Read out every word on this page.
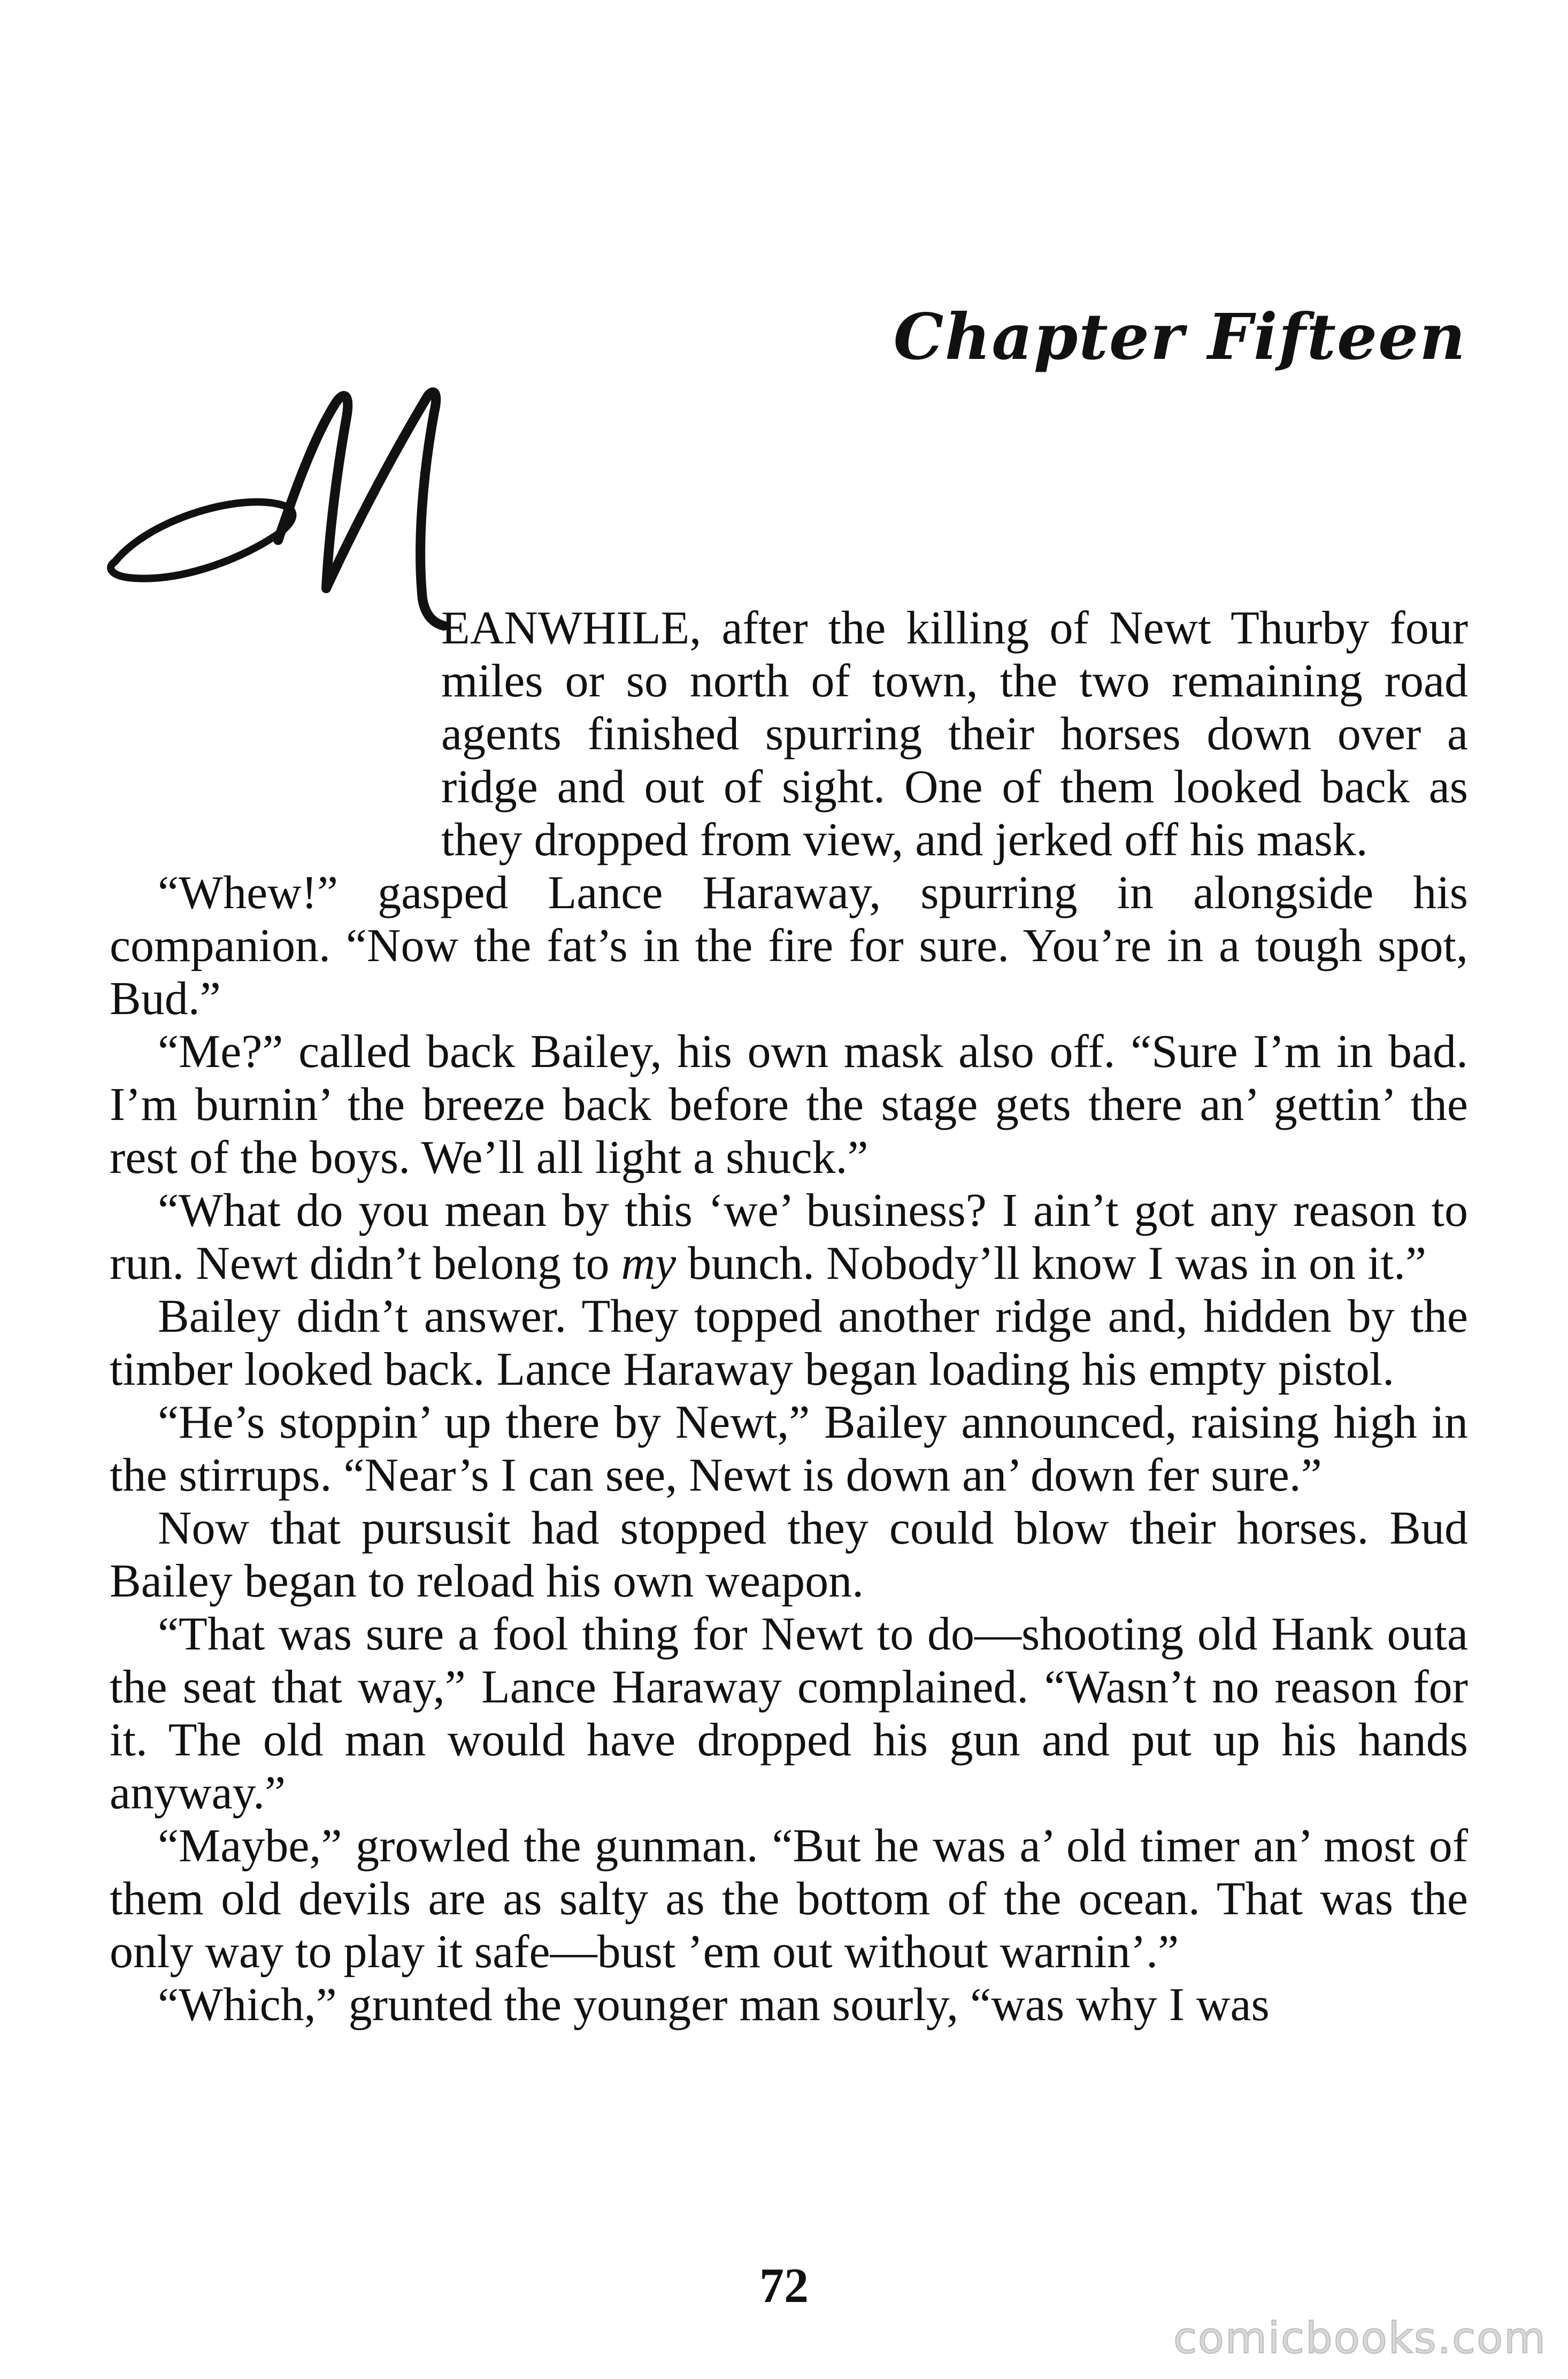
Chapter Fifteen

EANWHILE, after the killing of Newt Thurby four miles or so north of town, the two remaining road agents finished spurring their horses down over a ridge and out of sight. One of them looked back as they dropped from view, and jerked off his mask.

“Whew!” gasped Lance Haraway, spurring in alongside his companion. “Now the fat’s in the fire for sure. You’re in a tough spot, Bud.”

“Me?” called back Bailey, his own mask also off. “Sure I’m in bad. I’m burnin’ the breeze back before the stage gets there an’ gettin’ the rest of the boys. We’ll all light a shuck.”

“What do you mean by this ‘we’ business? I ain’t got any reason to run. Newt didn’t belong to my bunch. Nobody’ll know I was in on it.”

Bailey didn’t answer. They topped another ridge and, hidden by the timber looked back. Lance Haraway began loading his empty pistol.

“He’s stoppin’ up there by Newt,” Bailey announced, raising high in the stirrups. “Near’s I can see, Newt is down an’ down fer sure.”

Now that pursusit had stopped they could blow their horses. Bud Bailey began to reload his own weapon.

“That was sure a fool thing for Newt to do—shooting old Hank outa the seat that way,” Lance Haraway complained. “Wasn’t no reason for it. The old man would have dropped his gun and put up his hands anyway.”

“Maybe,” growled the gunman. “But he was a’ old timer an’ most of them old devils are as salty as the bottom of the ocean. That was the only way to play it safe—bust ’em out without warnin’.”

“Which,” grunted the younger man sourly, “was why I was

72
comicbooks.com
